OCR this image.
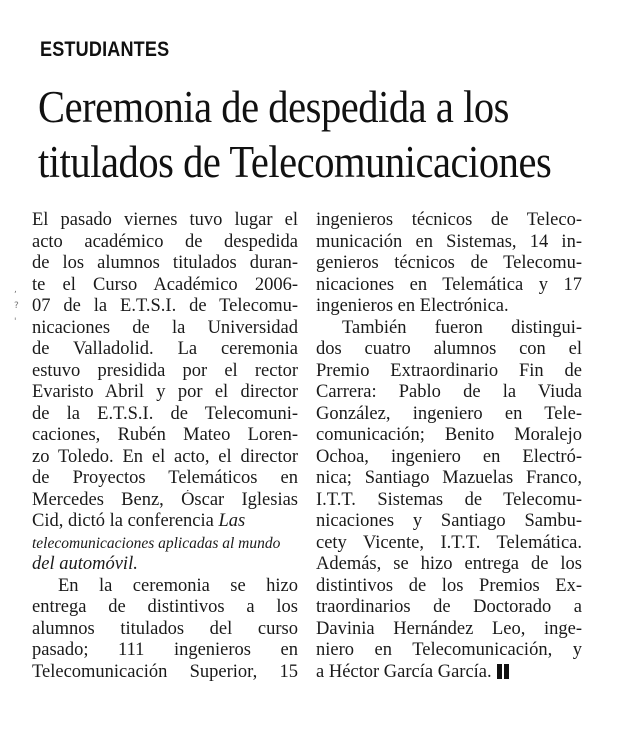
ESTUDIANTES
Ceremonia de despedida a los
titulados de Telecomunicaciones
,
?
'
El pasado viernes tuvo lugar el
acto académico de despedida
de los alumnos titulados duran-
te el Curso Académico 2006-
07 de la E.T.S.I. de Telecomu-
nicaciones de la Universidad
de Valladolid. La ceremonia
estuvo presidida por el rector
Evaristo Abril y por el director
de la E.T.S.I. de Telecomuni-
caciones, Rubén Mateo Loren-
zo Toledo. En el acto, el director
de Proyectos Telemáticos en
Mercedes Benz, Óscar Iglesias
Cid, dictó la conferencia Las
telecomunicaciones aplicadas al mundo
del automóvil.
En la ceremonia se hizo
entrega de distintivos a los
alumnos titulados del curso
pasado; 111 ingenieros en
Telecomunicación Superior, 15
ingenieros técnicos de Teleco-
municación en Sistemas, 14 in-
genieros técnicos de Telecomu-
nicaciones en Telemática y 17
ingenieros en Electrónica.
También fueron distingui-
dos cuatro alumnos con el
Premio Extraordinario Fin de
Carrera: Pablo de la Viuda
González, ingeniero en Tele-
comunicación; Benito Moralejo
Ochoa, ingeniero en Electró-
nica; Santiago Mazuelas Franco,
I.T.T. Sistemas de Telecomu-
nicaciones y Santiago Sambu-
cety Vicente, I.T.T. Telemática.
Además, se hizo entrega de los
distintivos de los Premios Ex-
traordinarios de Doctorado a
Davinia Hernández Leo, inge-
niero en Telecomunicación, y
a Héctor García García.
